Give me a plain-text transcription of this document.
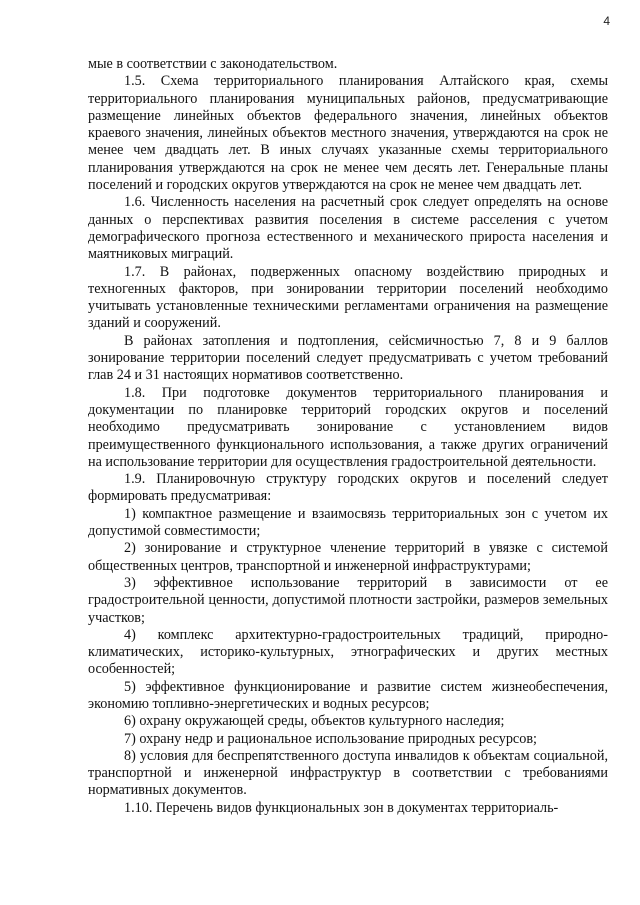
4

мые в соответствии с законодательством.

1.5. Схема территориального планирования Алтайского края, схемы территориального планирования муниципальных районов, предусматривающие размещение линейных объектов федерального значения, линейных объектов краевого значения, линейных объектов местного значения, утверждаются на срок не менее чем двадцать лет. В иных случаях указанные схемы территориального планирования утверждаются на срок не менее чем десять лет. Генеральные планы поселений и городских округов утверждаются на срок не менее чем двадцать лет.

1.6. Численность населения на расчетный срок следует определять на основе данных о перспективах развития поселения в системе расселения с учетом демографического прогноза естественного и механического прироста населения и маятниковых миграций.

1.7. В районах, подверженных опасному воздействию природных и техногенных факторов, при зонировании территории поселений необходимо учитывать установленные техническими регламентами ограничения на размещение зданий и сооружений.

В районах затопления и подтопления, сейсмичностью 7, 8 и 9 баллов зонирование территории поселений следует предусматривать с учетом требований глав 24 и 31 настоящих нормативов соответственно.

1.8. При подготовке документов территориального планирования и документации по планировке территорий городских округов и поселений необходимо предусматривать зонирование с установлением видов преимущественного функционального использования, а также других ограничений на использование территории для осуществления градостроительной деятельности.

1.9. Планировочную структуру городских округов и поселений следует формировать предусматривая:

1) компактное размещение и взаимосвязь территориальных зон с учетом их допустимой совместимости;

2) зонирование и структурное членение территорий в увязке с системой общественных центров, транспортной и инженерной инфраструктурами;

3) эффективное использование территорий в зависимости от ее градостроительной ценности, допустимой плотности застройки, размеров земельных участков;

4) комплекс архитектурно-градостроительных традиций, природно-климатических, историко-культурных, этнографических и других местных особенностей;

5) эффективное функционирование и развитие систем жизнеобеспечения, экономию топливно-энергетических и водных ресурсов;

6) охрану окружающей среды, объектов культурного наследия;

7) охрану недр и рациональное использование природных ресурсов;

8) условия для беспрепятственного доступа инвалидов к объектам социальной, транспортной и инженерной инфраструктур в соответствии с требованиями нормативных документов.

1.10. Перечень видов функциональных зон в документах территориаль-
